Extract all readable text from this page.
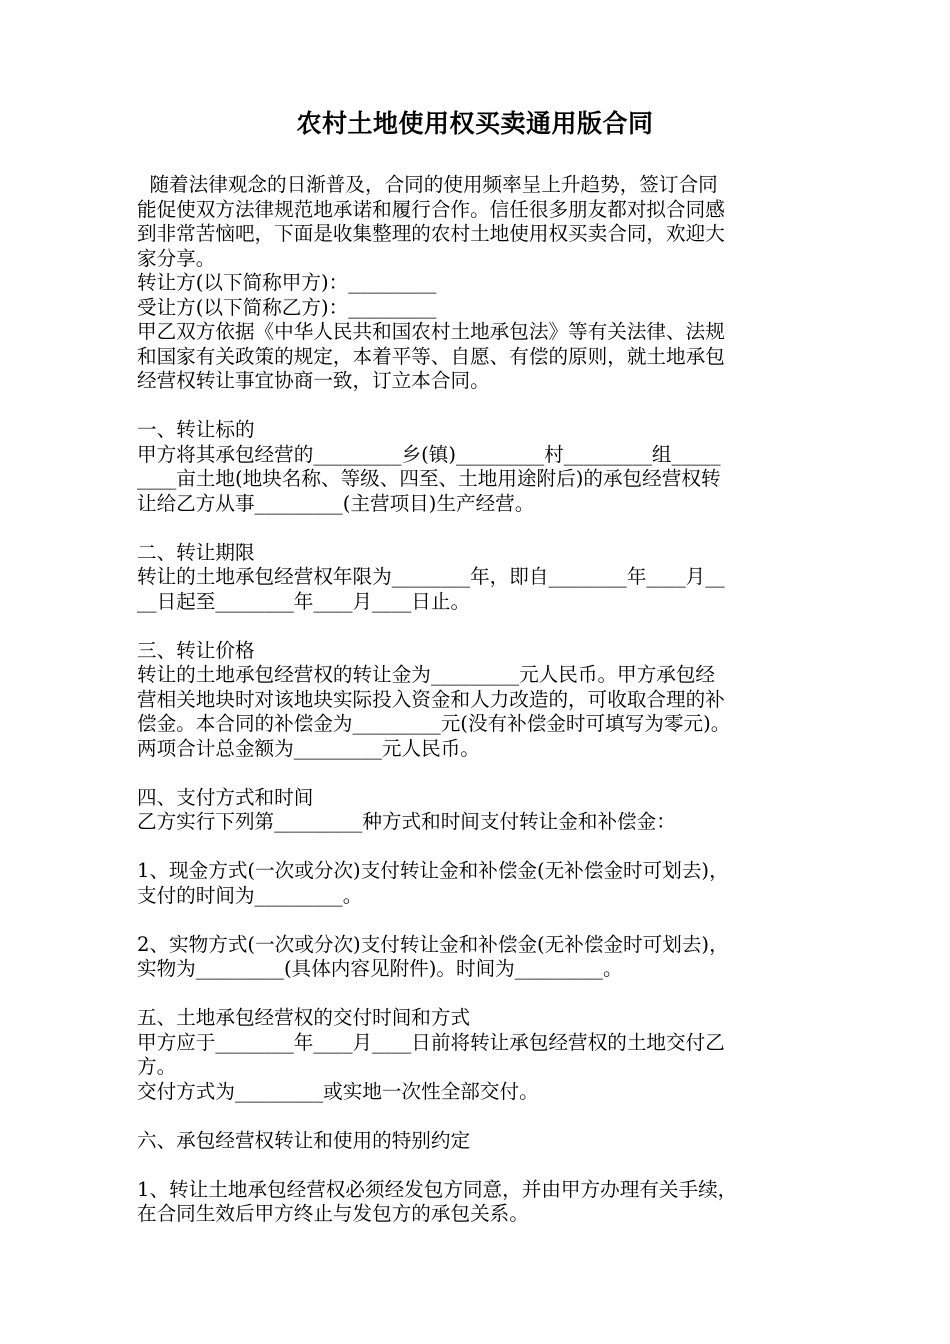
农村土地使用权买卖通用版合同
随着法律观念的日渐普及，合同的使用频率呈上升趋势，签订合同
能促使双方法律规范地承诺和履行合作。信任很多朋友都对拟合同感
到非常苦恼吧，下面是收集整理的农村土地使用权买卖合同，欢迎大
家分享。
转让方(以下简称甲方)：_________
受让方(以下简称乙方)：_________
甲乙双方依据《中华人民共和国农村土地承包法》等有关法律、法规
和国家有关政策的规定，本着平等、自愿、有偿的原则，就土地承包
经营权转让事宜协商一致，订立本合同。
一、转让标的
甲方将其承包经营的_________乡(镇)_________村_________组_____
____亩土地(地块名称、等级、四至、土地用途附后)的承包经营权转
让给乙方从事_________(主营项目)生产经营。
二、转让期限
转让的土地承包经营权年限为________年，即自________年____月__
__日起至________年____月____日止。
三、转让价格
转让的土地承包经营权的转让金为_________元人民币。甲方承包经
营相关地块时对该地块实际投入资金和人力改造的，可收取合理的补
偿金。本合同的补偿金为_________元(没有补偿金时可填写为零元)。
两项合计总金额为_________元人民币。
四、支付方式和时间
乙方实行下列第_________种方式和时间支付转让金和补偿金：
1、现金方式(一次或分次)支付转让金和补偿金(无补偿金时可划去)，
支付的时间为_________。
2、实物方式(一次或分次)支付转让金和补偿金(无补偿金时可划去)，
实物为_________(具体内容见附件)。时间为_________。
五、土地承包经营权的交付时间和方式
甲方应于________年____月____日前将转让承包经营权的土地交付乙
方。
交付方式为_________或实地一次性全部交付。
六、承包经营权转让和使用的特别约定
1、转让土地承包经营权必须经发包方同意，并由甲方办理有关手续，
在合同生效后甲方终止与发包方的承包关系。
